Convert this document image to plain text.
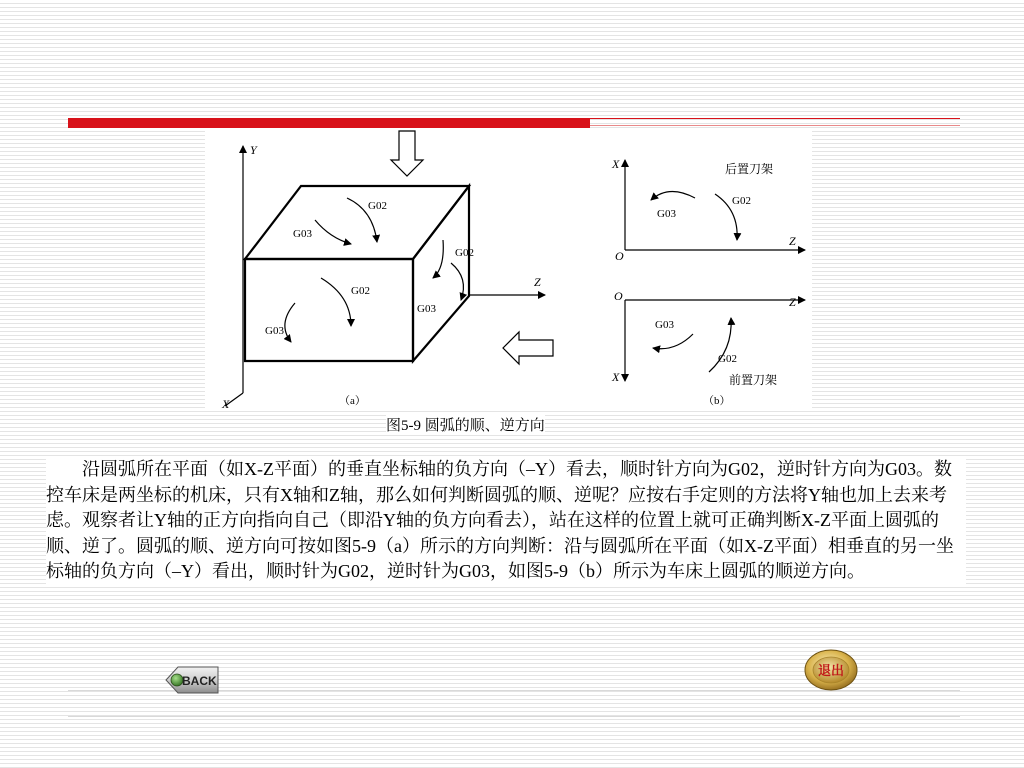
Y
X
Z
G03
G02
G03
G02
G03
G02
（a）
X
Z
O
后置刀架
G03
G02
X
Z
O
前置刀架
G03
G02
（b）
图5-9 圆弧的顺、逆方向

沿圆弧所在平面（如X-Z平面）的垂直坐标轴的负方向（–Y）看去，顺时针方向为G02，逆时针方向为G03。数控车床是两坐标的机床，只有X轴和Z轴，那么如何判断圆弧的顺、逆呢？应按右手定则的方法将Y轴也加上去来考虑。观察者让Y轴的正方向指向自己（即沿Y轴的负方向看去），站在这样的位置上就可正确判断X-Z平面上圆弧的顺、逆了。圆弧的顺、逆方向可按如图5-9（a）所示的方向判断：沿与圆弧所在平面（如X-Z平面）相垂直的另一坐标轴的负方向（–Y）看出，顺时针为G02，逆时针为G03，如图5-9（b）所示为车床上圆弧的顺逆方向。

BACK
退出
